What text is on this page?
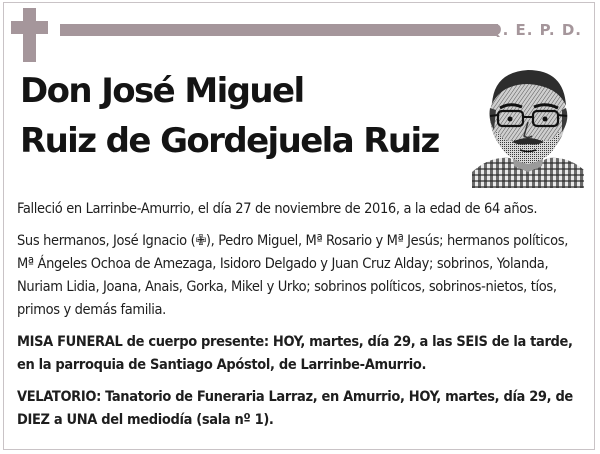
Q. E. P. D.
Don José Miguel
Ruiz de Gordejuela Ruiz

Falleció en Larrinbe-Amurrio, el día 27 de noviembre de 2016, a la edad de 64 años.

Sus hermanos, José Ignacio (✙), Pedro Miguel, Mª Rosario y Mª Jesús; hermanos políticos, Mª Ángeles Ochoa de Amezaga, Isidoro Delgado y Juan Cruz Alday; sobrinos, Yolanda, Nuriam Lidia, Joana, Anais, Gorka, Mikel y Urko; sobrinos políticos, sobrinos-nietos, tíos, primos y demás familia.

MISA FUNERAL de cuerpo presente: HOY, martes, día 29, a las SEIS de la tarde, en la parroquia de Santiago Apóstol, de Larrinbe-Amurrio.

VELATORIO: Tanatorio de Funeraria Larraz, en Amurrio, HOY, martes, día 29, de DIEZ a UNA del mediodía (sala nº 1).
